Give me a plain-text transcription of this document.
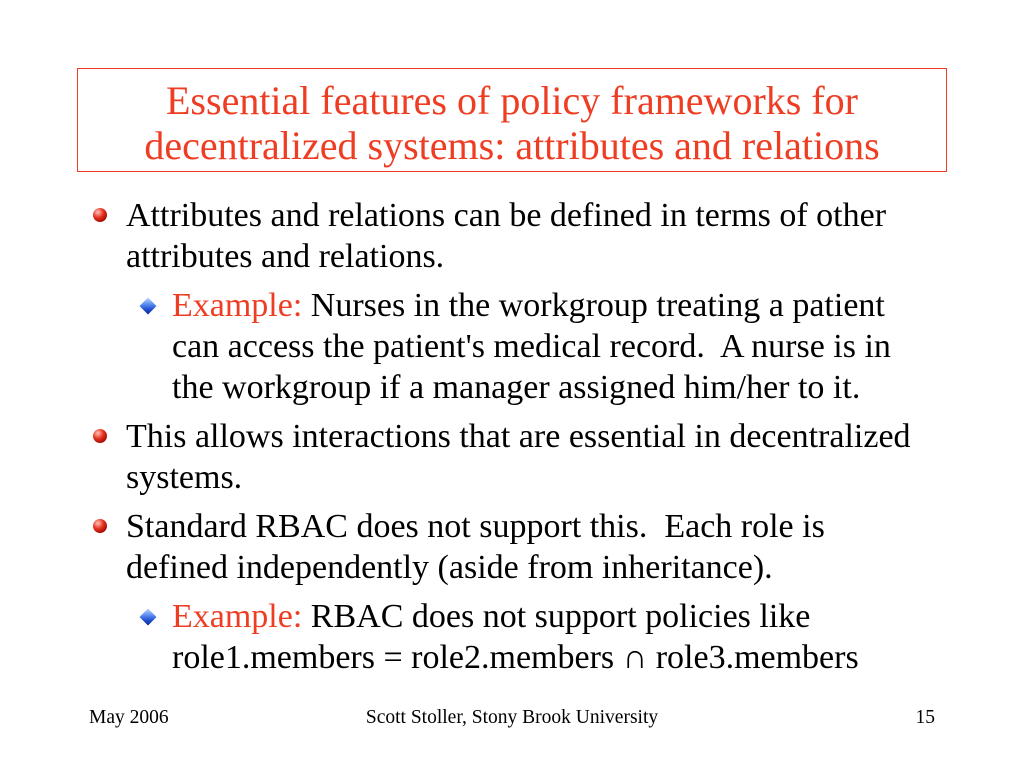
Essential features of policy frameworks for
decentralized systems: attributes and relations
Attributes and relations can be defined in terms of other
attributes and relations.
Example: Nurses in the workgroup treating a patient
can access the patient's medical record.  A nurse is in
the workgroup if a manager assigned him/her to it.
This allows interactions that are essential in decentralized
systems.
Standard RBAC does not support this.  Each role is
defined independently (aside from inheritance).
Example: RBAC does not support policies like
role1.members = role2.members ∩ role3.members
May 2006	Scott Stoller, Stony Brook University	15
